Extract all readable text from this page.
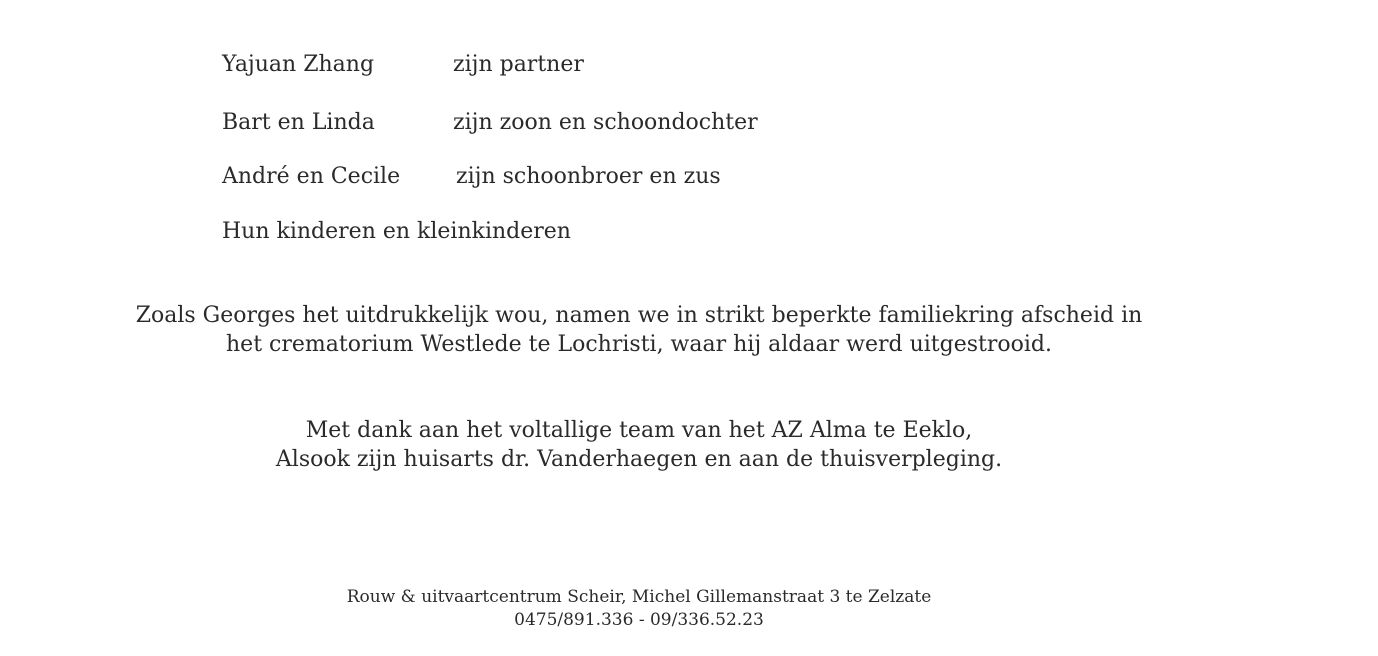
Yajuan Zhang	zijn partner
Bart en Linda	zijn zoon en schoondochter
André en Cecile	zijn schoonbroer en zus
Hun kinderen en kleinkinderen
Zoals Georges het uitdrukkelijk wou, namen we in strikt beperkte familiekring afscheid in
het crematorium Westlede te Lochristi, waar hij aldaar werd uitgestrooid.
Met dank aan het voltallige team van het AZ Alma te Eeklo,
Alsook zijn huisarts dr. Vanderhaegen en aan de thuisverpleging.
Rouw & uitvaartcentrum Scheir, Michel Gillemanstraat 3 te Zelzate
0475/891.336 - 09/336.52.23
